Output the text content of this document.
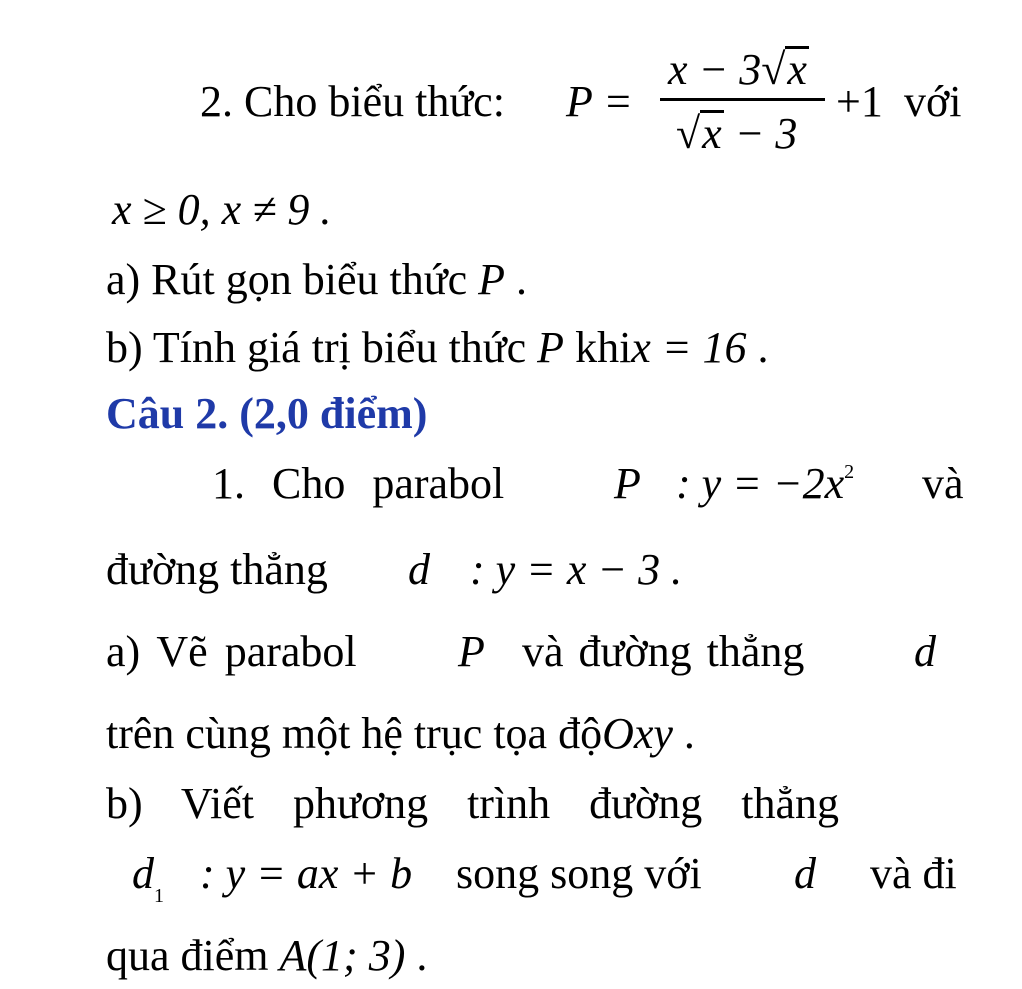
2. Cho biểu thức: P =
x − 3√x
√x − 3
+1 với
x ≥ 0, x ≠ 9 .
a) Rút gọn biểu thức P .
b) Tính giá trị biểu thức P khix = 16 .
Câu 2. (2,0 điểm)
1. Cho parabol P : $y = -2x^2$ và
đường thẳng d : y = x − 3 .
a) Vẽ parabol P và đường thẳng d
trên cùng một hệ trục tọa độOxy .
b) Viết phương trình đường thẳng
$d_1$ : y = ax + b song song với d và đi
qua điểm A(1; 3) .
